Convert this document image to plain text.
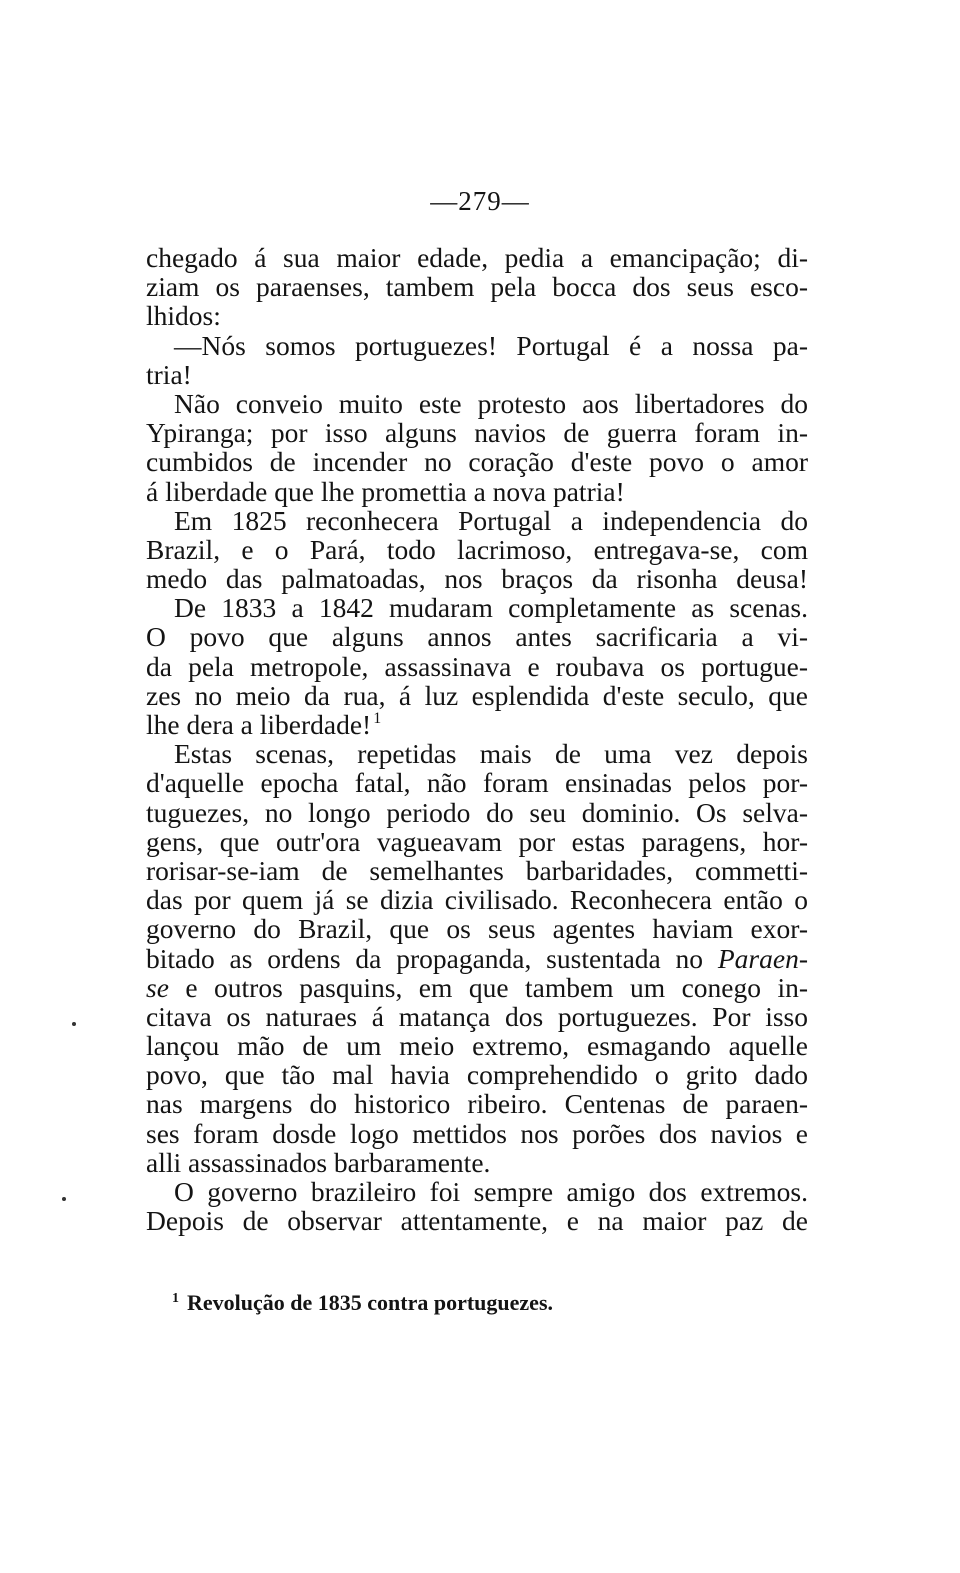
—279—
chegado á sua maior edade, pedia a emancipação; di-
ziam os paraenses, tambem pela bocca dos seus esco-
lhidos:
—Nós somos portuguezes! Portugal é a nossa pa-
tria!
Não conveio muito este protesto aos libertadores do
Ypiranga; por isso alguns navios de guerra foram in-
cumbidos de incender no coração d'este povo o amor
á liberdade que lhe promettia a nova patria!
Em 1825 reconhecera Portugal a independencia do
Brazil, e o Pará, todo lacrimoso, entregava-se, com
medo das palmatoadas, nos braços da risonha deusa!
De 1833 a 1842 mudaram completamente as scenas.
O povo que alguns annos antes sacrificaria a vi-
da pela metropole, assassinava e roubava os portugue-
zes no meio da rua, á luz esplendida d'este seculo, que
lhe dera a liberdade! $^1$
Estas scenas, repetidas mais de uma vez depois
d'aquelle epocha fatal, não foram ensinadas pelos por-
tuguezes, no longo periodo do seu dominio. Os selva-
gens, que outr'ora vagueavam por estas paragens, hor-
rorisar-se-iam de semelhantes barbaridades, commetti-
das por quem já se dizia civilisado. Reconhecera então o
governo do Brazil, que os seus agentes haviam exor-
bitado as ordens da propaganda, sustentada no Paraen-
se e outros pasquins, em que tambem um conego in-
citava os naturaes á matança dos portuguezes. Por isso
lançou mão de um meio extremo, esmagando aquelle
povo, que tão mal havia comprehendido o grito dado
nas margens do historico ribeiro. Centenas de paraen-
ses foram dosde logo mettidos nos porões dos navios e
alli assassinados barbaramente.
O governo brazileiro foi sempre amigo dos extremos.
Depois de observar attentamente, e na maior paz de
$^1$ Revolução de 1835 contra portuguezes.
